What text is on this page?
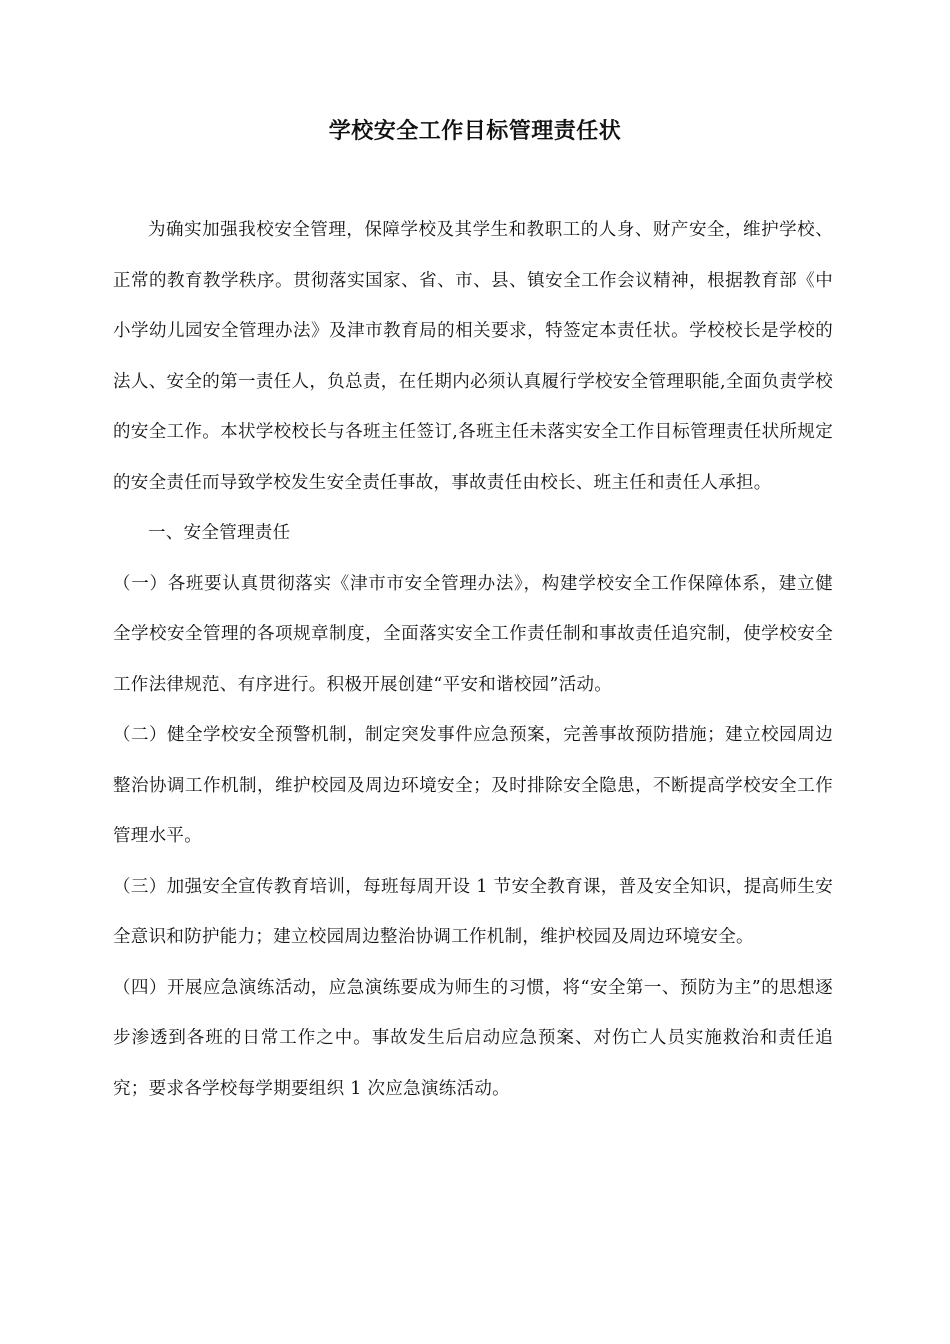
学校安全工作目标管理责任状

为确实加强我校安全管理，保障学校及其学生和教职工的人身、财产安全，维护学校、正常的教育教学秩序。贯彻落实国家、省、市、县、镇安全工作会议精神，根据教育部《中小学幼儿园安全管理办法》及津市教育局的相关要求，特签定本责任状。学校校长是学校的法人、安全的第一责任人，负总责，在任期内必须认真履行学校安全管理职能,全面负责学校的安全工作。本状学校校长与各班主任签订,各班主任未落实安全工作目标管理责任状所规定的安全责任而导致学校发生安全责任事故，事故责任由校长、班主任和责任人承担。

一、安全管理责任

（一）各班要认真贯彻落实《津市市安全管理办法》，构建学校安全工作保障体系，建立健全学校安全管理的各项规章制度，全面落实安全工作责任制和事故责任追究制，使学校安全工作法律规范、有序进行。积极开展创建“平安和谐校园”活动。

（二）健全学校安全预警机制，制定突发事件应急预案，完善事故预防措施；建立校园周边整治协调工作机制，维护校园及周边环境安全；及时排除安全隐患，不断提高学校安全工作管理水平。

（三）加强安全宣传教育培训，每班每周开设 1 节安全教育课，普及安全知识，提高师生安全意识和防护能力；建立校园周边整治协调工作机制，维护校园及周边环境安全。

（四）开展应急演练活动，应急演练要成为师生的习惯，将“安全第一、预防为主”的思想逐步渗透到各班的日常工作之中。事故发生后启动应急预案、对伤亡人员实施救治和责任追究；要求各学校每学期要组织 1 次应急演练活动。
